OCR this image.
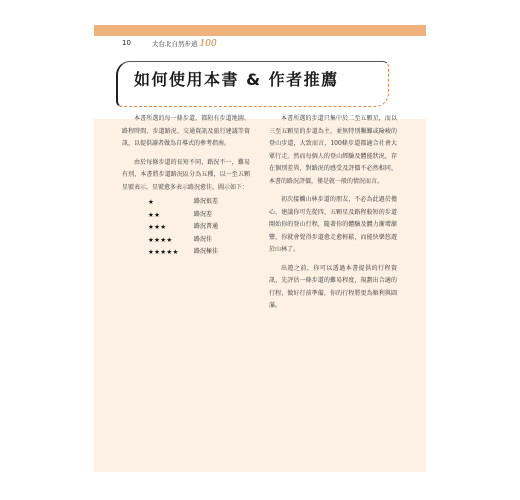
10	大台北自然步道 100
如何使用本書 & 作者推薦

本書所選的每一條步道，都附有步道地圖、路程時間、步道路況、交通資訊及旅行建議等資訊，以提供讀者做為自導式的參考指南。

由於每條步道的長短不同，路況不一，難易有別，本書將步道路況區分為五種，以一至五顆星號表示，星號愈多表示路況愈佳，圖示如下：

★	路況很差
★★	路況差
★★★	路況普通
★★★★	路況佳
★★★★★	路況極佳

本書所選的步道只集中於二至五顆星，而以三至五顆星的步道為主，並無特別艱難或險峻的登山步道，大致而言，100條步道都適合社會大眾行走。然而每個人的登山經驗及體能狀況，存在個別差異，對路況的感受及評價不必然相同，本書的路況評價，僅是就一般的情況而言。

初次接觸山林步道的朋友，不必為此過於擔心，建議你可先從四、五顆星及路程較短的步道開始你的登山行程，隨著你的體驗及體力漸增漸豐，你就會覺得步道愈走愈輕鬆，而能快樂悠遊於山林了。

出遊之前，你可以透過本書提供的行程資訊，先評估一條步道的難易程度，規劃出合適的行程，做好行前準備，你的行程將更為順利與圓滿。
